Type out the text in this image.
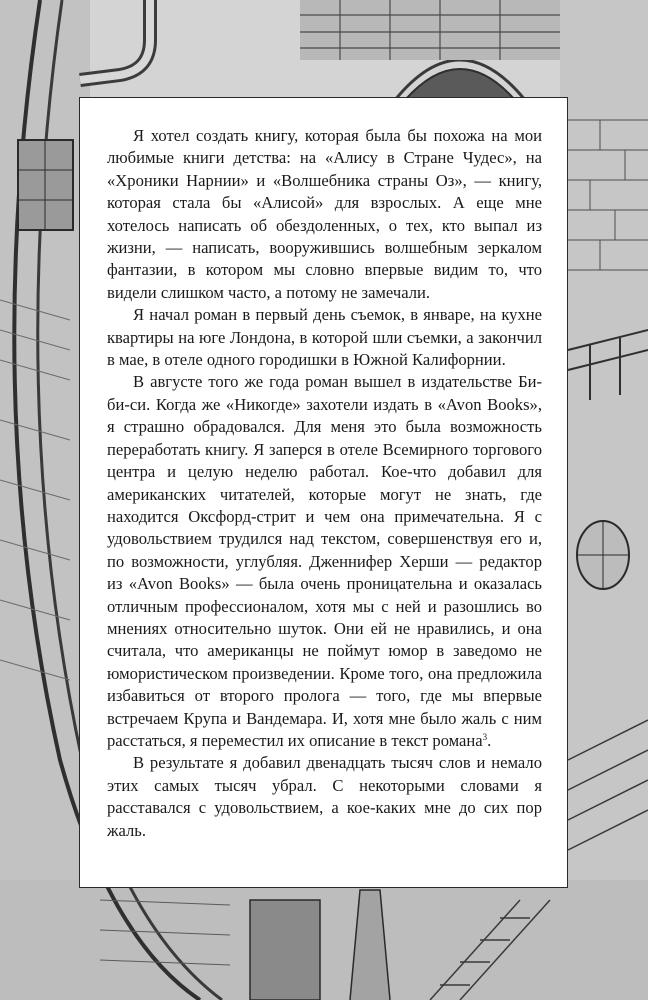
Я хотел создать книгу, которая была бы похожа на мои любимые книги детства: на «Алису в Стране Чудес», на «Хроники Нарнии» и «Волшебника страны Оз», — книгу, которая стала бы «Алисой» для взрослых. А еще мне хотелось написать об обездоленных, о тех, кто выпал из жизни, — написать, вооружившись волшебным зеркалом фантазии, в котором мы словно впервые видим то, что видели слишком часто, а потому не замечали.

Я начал роман в первый день съемок, в январе, на кухне квартиры на юге Лондона, в которой шли съемки, а закончил в мае, в отеле одного городишки в Южной Калифорнии.

В августе того же года роман вышел в издательстве Би-би-си. Когда же «Никогде» захотели издать в «Avon Books», я страшно обрадовался. Для меня это была возможность переработать книгу. Я заперся в отеле Всемирного торгового центра и целую неделю работал. Кое-что добавил для американских читателей, которые могут не знать, где находится Оксфорд-стрит и чем она примечательна. Я с удовольствием трудился над текстом, совершенствуя его и, по возможности, углубляя. Дженнифер Херши — редактор из «Avon Books» — была очень проницательна и оказалась отличным профессионалом, хотя мы с ней и разошлись во мнениях относительно шуток. Они ей не нравились, и она считала, что американцы не поймут юмор в заведомо не юмористическом произведении. Кроме того, она предложила избавиться от второго пролога — того, где мы впервые встречаем Крупа и Вандемара. И, хотя мне было жаль с ним расстаться, я переместил их описание в текст романа$^3$.

В результате я добавил двенадцать тысяч слов и немало этих самых тысяч убрал. С некоторыми словами я расставался с удовольствием, а кое-каких мне до сих пор жаль.
